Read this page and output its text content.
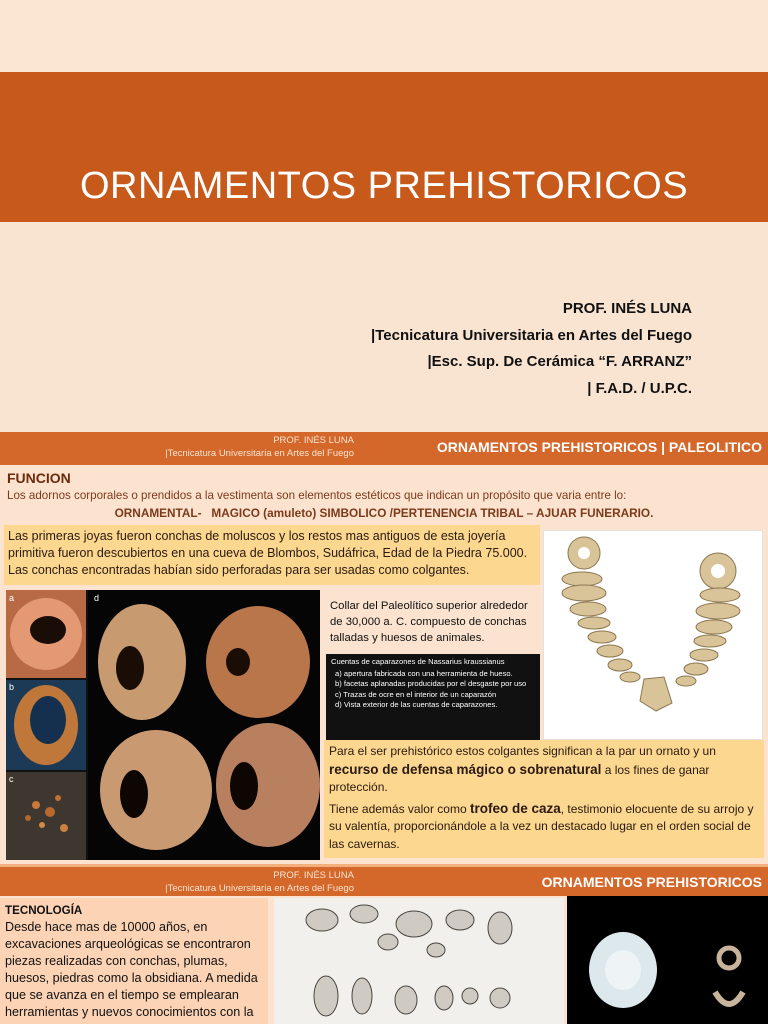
ORNAMENTOS PREHISTORICOS
PROF. INÉS LUNA
|Tecnicatura Universitaria en Artes del Fuego
|Esc. Sup. De Cerámica “F. ARRANZ”
| F.A.D. / U.P.C.
PROF. INÉS LUNA
|Tecnicatura Universitaria en Artes del Fuego	ORNAMENTOS PREHISTORICOS | PALEOLITICO
FUNCION
Los adornos corporales o prendidos a la vestimenta son elementos estéticos que indican un propósito que varia entre lo:
ORNAMENTAL- MAGICO (amuleto) SIMBOLICO /PERTENENCIA TRIBAL – AJUAR FUNERARIO.
Las primeras joyas fueron conchas de moluscos y los restos mas antiguos de esta joyería primitiva fueron descubiertos en una cueva de Blombos, Sudáfrica, Edad de la Piedra 75.000. Las conchas encontradas habían sido perforadas para ser usadas como colgantes.
a
b
c
d
Collar del Paleolítico superior alrededor de 30,000 a. C. compuesto de conchas talladas y huesos de animales.
Cuentas de caparazones de Nassarius kraussianus
a) apertura fabricada con una herramienta de hueso.
b) facetas aplanadas producidas por el desgaste por uso
c) Trazas de ocre en el interior de un caparazón
d) Vista exterior de las cuentas de caparazones.

Para el ser prehistórico estos colgantes significan a la par un ornato y un recurso de defensa mágico o sobrenatural a los fines de ganar protección.

Tiene además valor como trofeo de caza, testimonio elocuente de su arrojo y su valentía, proporcionándole a la vez un destacado lugar en el orden social de las cavernas.

PROF. INÉS LUNA
|Tecnicatura Universitaria en Artes del Fuego	ORNAMENTOS PREHISTORICOS
TECNOLOGÍA
Desde hace mas de 10000 años, en excavaciones arqueológicas se encontraron piezas realizadas con conchas, plumas, huesos, piedras como la obsidiana. A medida que se avanza en el tiempo se emplearan herramientas y nuevos conocimientos con la
